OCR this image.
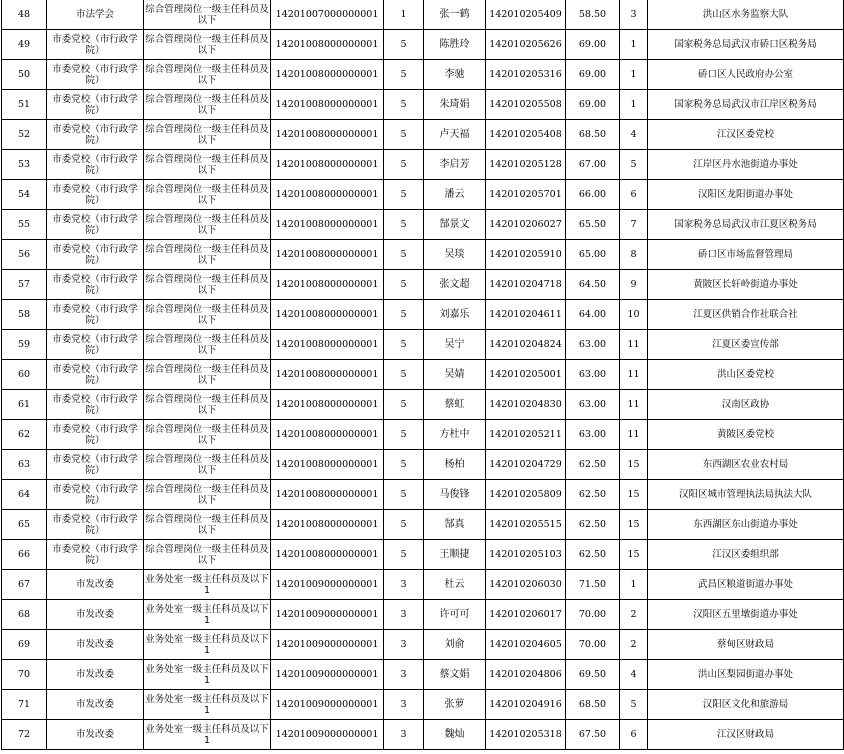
48	市法学会	综合管理岗位一级主任科员及以下	14201007000000001	1	张一鹤	14201020540​9	58.50	3	洪山区水务监察大队
49	市委党校（市行政学院）	综合管理岗位一级主任科员及以下	14201008000000001	5	陈胜玲	14201020562​6	69.00	1	国家税务总局武汉市硚口区税务局
50	市委党校（市行政学院）	综合管理岗位一级主任科员及以下	14201008000000001	5	李驰	14201020531​6	69.00	1	硚口区人民政府办公室
51	市委党校（市行政学院）	综合管理岗位一级主任科员及以下	14201008000000001	5	朱琦娟	14201020550​8	69.00	1	国家税务总局武汉市江岸区税务局
52	市委党校（市行政学院）	综合管理岗位一级主任科员及以下	14201008000000001	5	卢天福	14201020540​8	68.50	4	江汉区委党校
53	市委党校（市行政学院）	综合管理岗位一级主任科员及以下	14201008000000001	5	李启芳	14201020512​8	67.00	5	江岸区丹水池街道办事处
54	市委党校（市行政学院）	综合管理岗位一级主任科员及以下	14201008000000001	5	潘云	14201020570​1	66.00	6	汉阳区龙阳街道办事处
55	市委党校（市行政学院）	综合管理岗位一级主任科员及以下	14201008000000001	5	郜景文	14201020602​7	65.50	7	国家税务总局武汉市江夏区税务局
56	市委党校（市行政学院）	综合管理岗位一级主任科员及以下	14201008000000001	5	吴琰	14201020591​0	65.00	8	硚口区市场监督管理局
57	市委党校（市行政学院）	综合管理岗位一级主任科员及以下	14201008000000001	5	张文超	14201020471​8	64.50	9	黄陂区长轩岭街道办事处
58	市委党校（市行政学院）	综合管理岗位一级主任科员及以下	14201008000000001	5	刘嘉乐	14201020461​1	64.00	10	江夏区供销合作社联合社
59	市委党校（市行政学院）	综合管理岗位一级主任科员及以下	14201008000000001	5	吴宁	14201020482​4	63.00	11	江夏区委宣传部
60	市委党校（市行政学院）	综合管理岗位一级主任科员及以下	14201008000000001	5	吴婧	14201020500​1	63.00	11	洪山区委党校
61	市委党校（市行政学院）	综合管理岗位一级主任科员及以下	14201008000000001	5	蔡虹	14201020483​0	63.00	11	汉南区政协
62	市委党校（市行政学院）	综合管理岗位一级主任科员及以下	14201008000000001	5	方杜中	14201020521​1	63.00	11	黄陂区委党校
63	市委党校（市行政学院）	综合管理岗位一级主任科员及以下	14201008000000001	5	杨柏	14201020472​9	62.50	15	东西湖区农业农村局
64	市委党校（市行政学院）	综合管理岗位一级主任科员及以下	14201008000000001	5	马俊锋	14201020580​9	62.50	15	汉阳区城市管理执法局执法大队
65	市委党校（市行政学院）	综合管理岗位一级主任科员及以下	14201008000000001	5	郜真	14201020551​5	62.50	15	东西湖区东山街道办事处
66	市委党校（市行政学院）	综合管理岗位一级主任科员及以下	14201008000000001	5	王顺捷	14201020510​3	62.50	15	江汉区委组织部
67	市发改委	业务处室一级主任科员及以下1	14201009000000001	3	杜云	14201020603​0	71.50	1	武昌区粮道街道办事处
68	市发改委	业务处室一级主任科员及以下1	14201009000000001	3	许可可	14201020601​7	70.00	2	汉阳区五里墩街道办事处
69	市发改委	业务处室一级主任科员及以下1	14201009000000001	3	刘俞	14201020460​5	70.00	2	蔡甸区财政局
70	市发改委	业务处室一级主任科员及以下1	14201009000000001	3	蔡文娟	14201020480​6	69.50	4	洪山区梨园街道办事处
71	市发改委	业务处室一级主任科员及以下1	14201009000000001	3	张萝	14201020491​6	68.50	5	汉阳区文化和旅游局
72	市发改委	业务处室一级主任科员及以下1	14201009000000001	3	魏灿	14201020531​8	67.50	6	江汉区财政局
